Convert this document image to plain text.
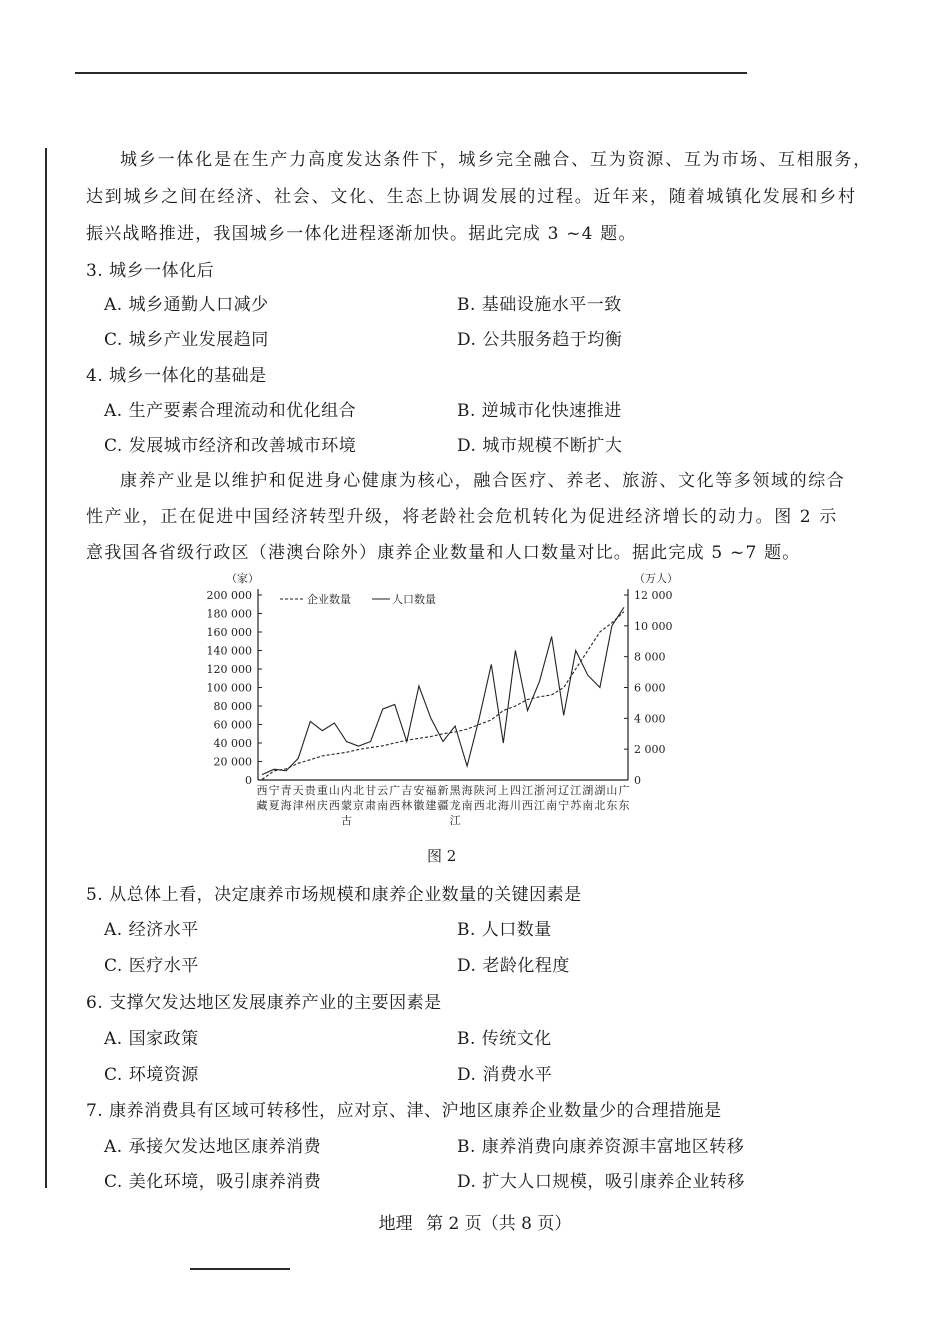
城乡一体化是在生产力高度发达条件下，城乡完全融合、互为资源、互为市场、互相服务，
达到城乡之间在经济、社会、文化、生态上协调发展的过程。近年来，随着城镇化发展和乡村
振兴战略推进，我国城乡一体化进程逐渐加快。据此完成 3 ~4 题。
3. 城乡一体化后
A. 城乡通勤人口减少	B. 基础设施水平一致
C. 城乡产业发展趋同	D. 公共服务趋于均衡
4. 城乡一体化的基础是
A. 生产要素合理流动和优化组合	B. 逆城市化快速推进
C. 发展城市经济和改善城市环境	D. 城市规模不断扩大
康养产业是以维护和促进身心健康为核心，融合医疗、养老、旅游、文化等多领域的综合
性产业，正在促进中国经济转型升级，将老龄社会危机转化为促进经济增长的动力。图 2 示
意我国各省级行政区（港澳台除外）康养企业数量和人口数量对比。据此完成 5 ~7 题。
（家）	（万人）
200 000
180 000
160 000
140 000
120 000
100 000
80 000
60 000
40 000
20 000
0
12 000
10 000
8 000
6 000
4 000
2 000
0
西
藏
宁
夏
青
海
天
津
贵
州
重
庆
山
西
内
蒙
古
北
京
甘
肃
云
南
广
西
吉
林
安
徽
福
建
新
疆
黑
龙
江
海
南
陕
西
河
北
上
海
四
川
江
西
浙
江
河
南
辽
宁
江
苏
湖
南
湖
北
山
东
广
东
企业数量	人口数量
图 2
5. 从总体上看，决定康养市场规模和康养企业数量的关键因素是
A. 经济水平	B. 人口数量
C. 医疗水平	D. 老龄化程度
6. 支撑欠发达地区发展康养产业的主要因素是
A. 国家政策	B. 传统文化
C. 环境资源	D. 消费水平
7. 康养消费具有区域可转移性，应对京、津、沪地区康养企业数量少的合理措施是
A. 承接欠发达地区康养消费	B. 康养消费向康养资源丰富地区转移
C. 美化环境，吸引康养消费	D. 扩大人口规模，吸引康养企业转移
地理 第 2 页（共 8 页）
